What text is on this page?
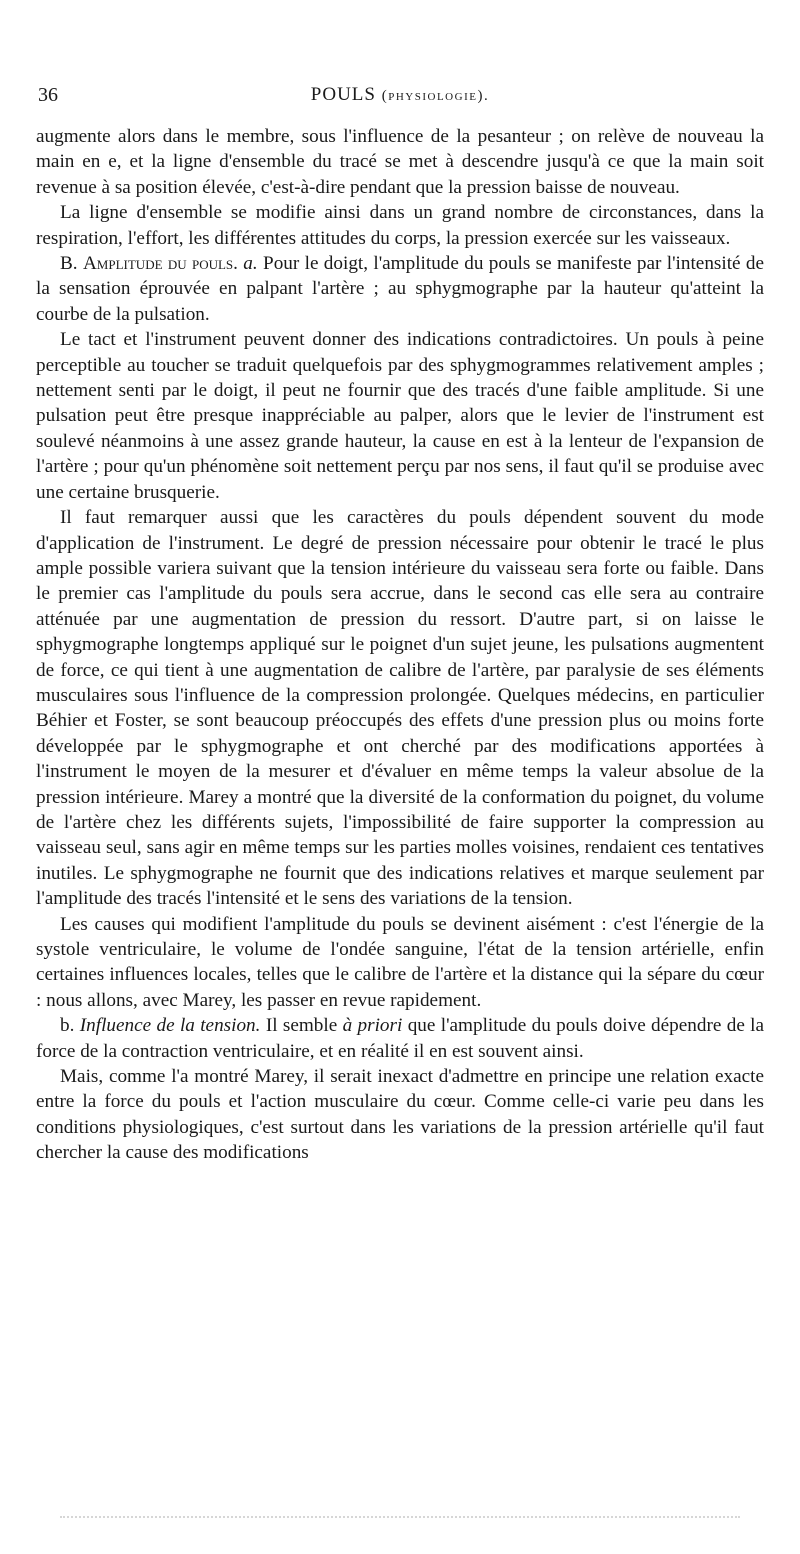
36	POULS (physiologie).

augmente alors dans le membre, sous l'influence de la pesanteur ; on relève de nouveau la main en e, et la ligne d'ensemble du tracé se met à descendre jusqu'à ce que la main soit revenue à sa position élevée, c'est-à-dire pendant que la pression baisse de nouveau.

La ligne d'ensemble se modifie ainsi dans un grand nombre de circonstances, dans la respiration, l'effort, les différentes attitudes du corps, la pression exercée sur les vaisseaux.

B. Amplitude du pouls. a. Pour le doigt, l'amplitude du pouls se manifeste par l'intensité de la sensation éprouvée en palpant l'artère ; au sphygmographe par la hauteur qu'atteint la courbe de la pulsation.

Le tact et l'instrument peuvent donner des indications contradictoires. Un pouls à peine perceptible au toucher se traduit quelquefois par des sphygmogrammes relativement amples ; nettement senti par le doigt, il peut ne fournir que des tracés d'une faible amplitude. Si une pulsation peut être presque inappréciable au palper, alors que le levier de l'instrument est soulevé néanmoins à une assez grande hauteur, la cause en est à la lenteur de l'expansion de l'artère ; pour qu'un phénomène soit nettement perçu par nos sens, il faut qu'il se produise avec une certaine brusquerie.

Il faut remarquer aussi que les caractères du pouls dépendent souvent du mode d'application de l'instrument. Le degré de pression nécessaire pour obtenir le tracé le plus ample possible variera suivant que la tension intérieure du vaisseau sera forte ou faible. Dans le premier cas l'amplitude du pouls sera accrue, dans le second cas elle sera au contraire atténuée par une augmentation de pression du ressort. D'autre part, si on laisse le sphygmographe longtemps appliqué sur le poignet d'un sujet jeune, les pulsations augmentent de force, ce qui tient à une augmentation de calibre de l'artère, par paralysie de ses éléments musculaires sous l'influence de la compression prolongée. Quelques médecins, en particulier Béhier et Foster, se sont beaucoup préoccupés des effets d'une pression plus ou moins forte développée par le sphygmographe et ont cherché par des modifications apportées à l'instrument le moyen de la mesurer et d'évaluer en même temps la valeur absolue de la pression intérieure. Marey a montré que la diversité de la conformation du poignet, du volume de l'artère chez les différents sujets, l'impossibilité de faire supporter la compression au vaisseau seul, sans agir en même temps sur les parties molles voisines, rendaient ces tentatives inutiles. Le sphygmographe ne fournit que des indications relatives et marque seulement par l'amplitude des tracés l'intensité et le sens des variations de la tension.

Les causes qui modifient l'amplitude du pouls se devinent aisément : c'est l'énergie de la systole ventriculaire, le volume de l'ondée sanguine, l'état de la tension artérielle, enfin certaines influences locales, telles que le calibre de l'artère et la distance qui la sépare du cœur : nous allons, avec Marey, les passer en revue rapidement.

b. Influence de la tension. Il semble à priori que l'amplitude du pouls doive dépendre de la force de la contraction ventriculaire, et en réalité il en est souvent ainsi.

Mais, comme l'a montré Marey, il serait inexact d'admettre en principe une relation exacte entre la force du pouls et l'action musculaire du cœur. Comme celle-ci varie peu dans les conditions physiologiques, c'est surtout dans les variations de la pression artérielle qu'il faut chercher la cause des modifications
